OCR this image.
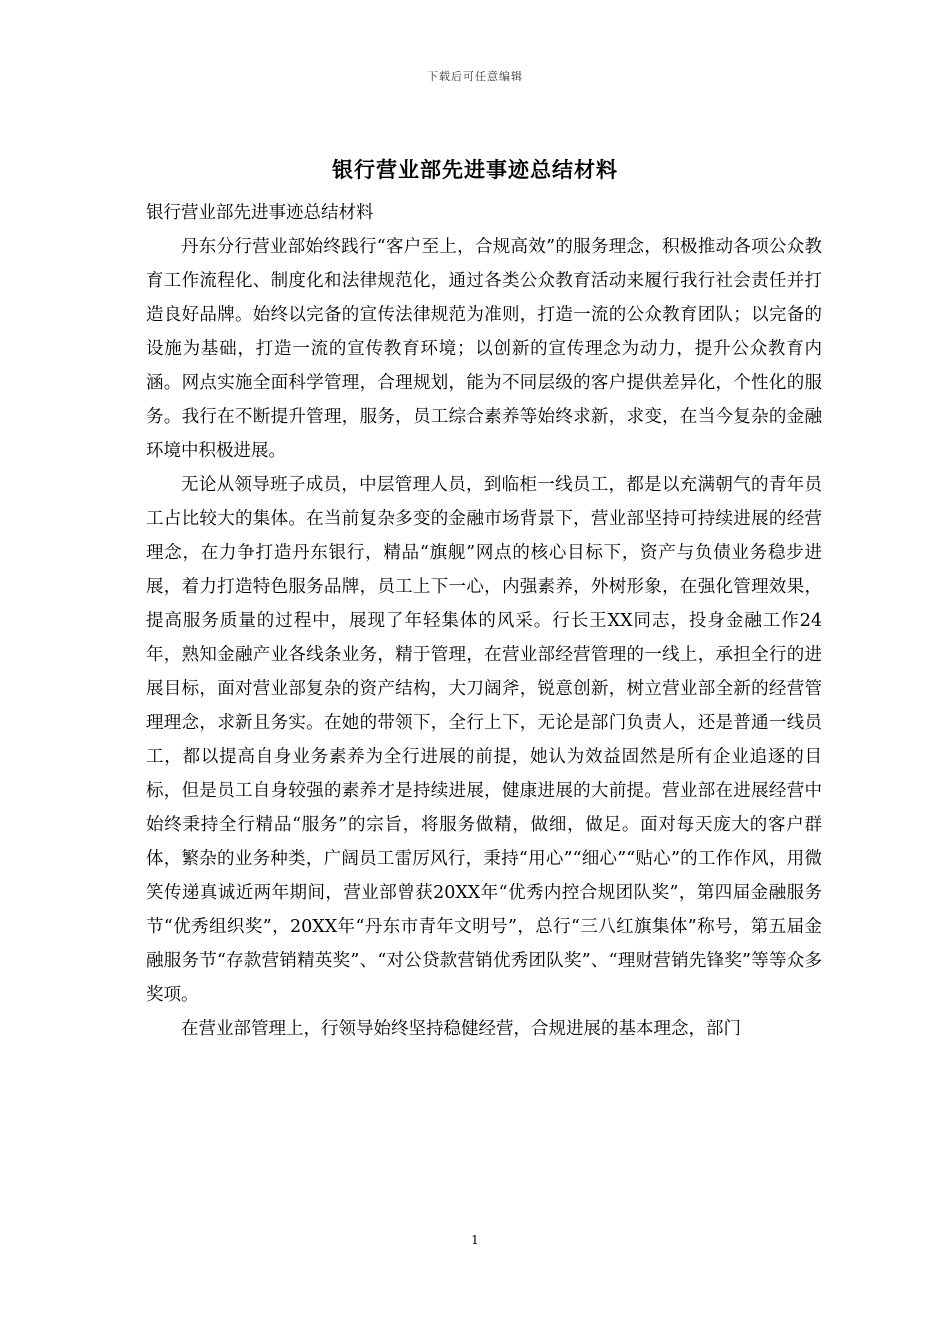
下载后可任意编辑
银行营业部先进事迹总结材料

银行营业部先进事迹总结材料

丹东分行营业部始终践行“客户至上，合规高效”的服务理念，积极推动各项公众教育工作流程化、制度化和法律规范化，通过各类公众教育活动来履行我行社会责任并打造良好品牌。始终以完备的宣传法律规范为准则，打造一流的公众教育团队；以完备的设施为基础，打造一流的宣传教育环境；以创新的宣传理念为动力，提升公众教育内涵。网点实施全面科学管理，合理规划，能为不同层级的客户提供差异化，个性化的服务。我行在不断提升管理，服务，员工综合素养等始终求新，求变，在当今复杂的金融环境中积极进展。

无论从领导班子成员，中层管理人员，到临柜一线员工，都是以充满朝气的青年员工占比较大的集体。在当前复杂多变的金融市场背景下，营业部坚持可持续进展的经营理念，在力争打造丹东银行，精品“旗舰”网点的核心目标下，资产与负债业务稳步进展，着力打造特色服务品牌，员工上下一心，内强素养，外树形象，在强化管理效果，提高服务质量的过程中，展现了年轻集体的风采。行长王XX同志，投身金融工作24年，熟知金融产业各线条业务，精于管理，在营业部经营管理的一线上，承担全行的进展目标，面对营业部复杂的资产结构，大刀阔斧，锐意创新，树立营业部全新的经营管理理念，求新且务实。在她的带领下，全行上下，无论是部门负责人，还是普通一线员工，都以提高自身业务素养为全行进展的前提，她认为效益固然是所有企业追逐的目标，但是员工自身较强的素养才是持续进展，健康进展的大前提。营业部在进展经营中始终秉持全行精品“服务”的宗旨，将服务做精，做细，做足。面对每天庞大的客户群体，繁杂的业务种类，广阔员工雷厉风行，秉持“用心”“细心”“贴心”的工作作风，用微笑传递真诚近两年期间，营业部曾获20XX年“优秀内控合规团队奖”，第四届金融服务节“优秀组织奖”，20XX年“丹东市青年文明号”，总行“三八红旗集体”称号，第五届金融服务节“存款营销精英奖”、“对公贷款营销优秀团队奖”、“理财营销先锋奖”等等众多奖项。

在营业部管理上，行领导始终坚持稳健经营，合规进展的基本理念，部门

1
